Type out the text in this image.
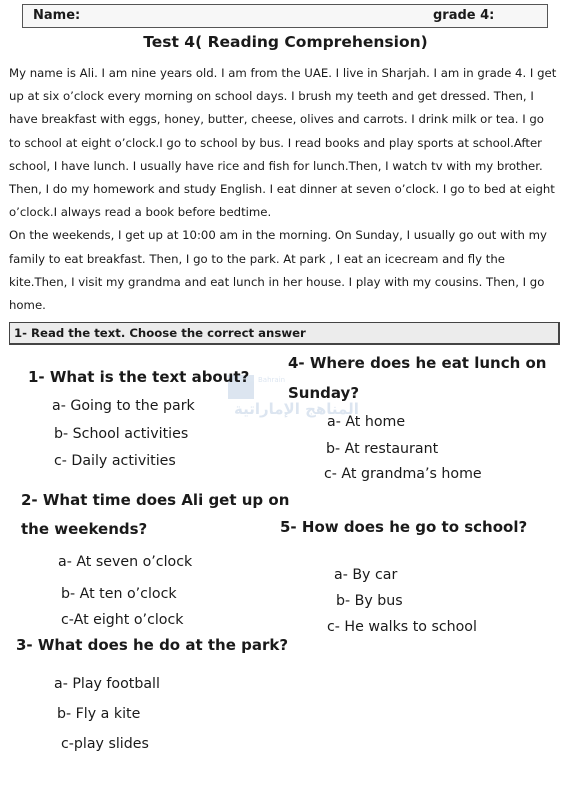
Name:	grade 4:
Test 4( Reading Comprehension)

My name is Ali. I am nine years old. I am from the UAE. I live in Sharjah. I am in grade 4. I get up at six o’clock every morning on school days. I brush my teeth and get dressed. Then, I have breakfast with eggs, honey, butter, cheese, olives and carrots. I drink milk or tea. I go to school at eight o’clock.I go to school by bus. I read books and play sports at school.After school, I have lunch. I usually have rice and fish for lunch.Then, I watch tv with my brother. Then, I do my homework and study English. I eat dinner at seven o’clock. I go to bed at eight o’clock.I always read a book before bedtime.

On the weekends, I get up at 10:00 am in the morning. On Sunday, I usually go out with my family to eat breakfast. Then, I go to the park. At park , I eat an icecream and fly the kite.Then, I visit my grandma and eat lunch in her house. I play with my cousins. Then, I go home.

1- Read the text. Choose the correct answer
Bahrain
المناهج الإماراتية
1- What is the text about?
a- Going to the park
b- School activities
c- Daily activities
2- What time does Ali get up on
the weekends?
a- At seven o’clock
b- At ten o’clock
c-At eight o’clock
3- What does he do at the park?
a- Play football
b- Fly a kite
c-play slides
4- Where does he eat lunch on
Sunday?
a- At home
b- At restaurant
c- At grandma’s home
5- How does he go to school?
a- By car
b- By bus
c- He walks to school
